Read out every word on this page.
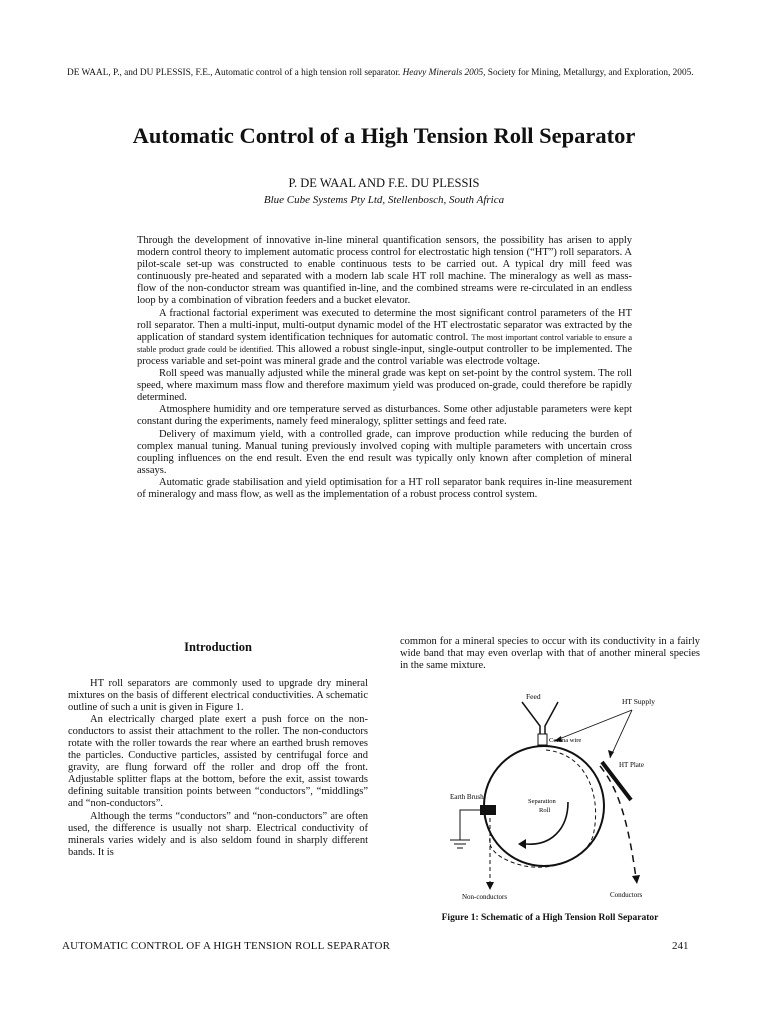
DE WAAL, P., and DU PLESSIS, F.E., Automatic control of a high tension roll separator. Heavy Minerals 2005, Society for Mining, Metallurgy, and Exploration, 2005.
Automatic Control of a High Tension Roll Separator
P. DE WAAL AND F.E. DU PLESSIS
Blue Cube Systems Pty Ltd, Stellenbosch, South Africa

Through the development of innovative in-line mineral quantification sensors, the possibility has arisen to apply modern control theory to implement automatic process control for electrostatic high tension (“HT”) roll separators. A pilot-scale set-up was constructed to enable continuous tests to be carried out. A typical dry mill feed was continuously pre-heated and separated with a modern lab scale HT roll machine. The mineralogy as well as mass-flow of the non-conductor stream was quantified in-line, and the combined streams were re-circulated in an endless loop by a combination of vibration feeders and a bucket elevator.

A fractional factorial experiment was executed to determine the most significant control parameters of the HT roll separator. Then a multi-input, multi-output dynamic model of the HT electrostatic separator was extracted by the application of standard system identification techniques for automatic control. The most important control variable to ensure a stable product grade could be identified. This allowed a robust single-input, single-output controller to be implemented. The process variable and set-point was mineral grade and the control variable was electrode voltage.

Roll speed was manually adjusted while the mineral grade was kept on set-point by the control system. The roll speed, where maximum mass flow and therefore maximum yield was produced on-grade, could therefore be rapidly determined.

Atmosphere humidity and ore temperature served as disturbances. Some other adjustable parameters were kept constant during the experiments, namely feed mineralogy, splitter settings and feed rate.

Delivery of maximum yield, with a controlled grade, can improve production while reducing the burden of complex manual tuning. Manual tuning previously involved coping with multiple parameters with uncertain cross coupling influences on the end result. Even the end result was typically only known after completion of mineral assays.

Automatic grade stabilisation and yield optimisation for a HT roll separator bank requires in-line measurement of mineralogy and mass flow, as well as the implementation of a robust process control system.

Introduction

HT roll separators are commonly used to upgrade dry mineral mixtures on the basis of different electrical conductivities. A schematic outline of such a unit is given in Figure 1.

An electrically charged plate exert a push force on the non-conductors to assist their attachment to the roller. The non-conductors rotate with the roller towards the rear where an earthed brush removes the particles. Conductive particles, assisted by centrifugal force and gravity, are flung forward off the roller and drop off the front. Adjustable splitter flaps at the bottom, before the exit, assist towards defining suitable transition points between “conductors”, “middlings” and “non-conductors”.

Although the terms “conductors” and “non-conductors” are often used, the difference is usually not sharp. Electrical conductivity of minerals varies widely and is also seldom found in sharply different bands. It is

common for a mineral species to occur with its conductivity in a fairly wide band that may even overlap with that of another mineral species in the same mixture.

Feed
HT Supply
Corona wire
HT Plate
Earth Brush
Separation
Roll
Non-conductors	Conductors
Figure 1: Schematic of a High Tension Roll Separator
AUTOMATIC CONTROL OF A HIGH TENSION ROLL SEPARATOR	241
